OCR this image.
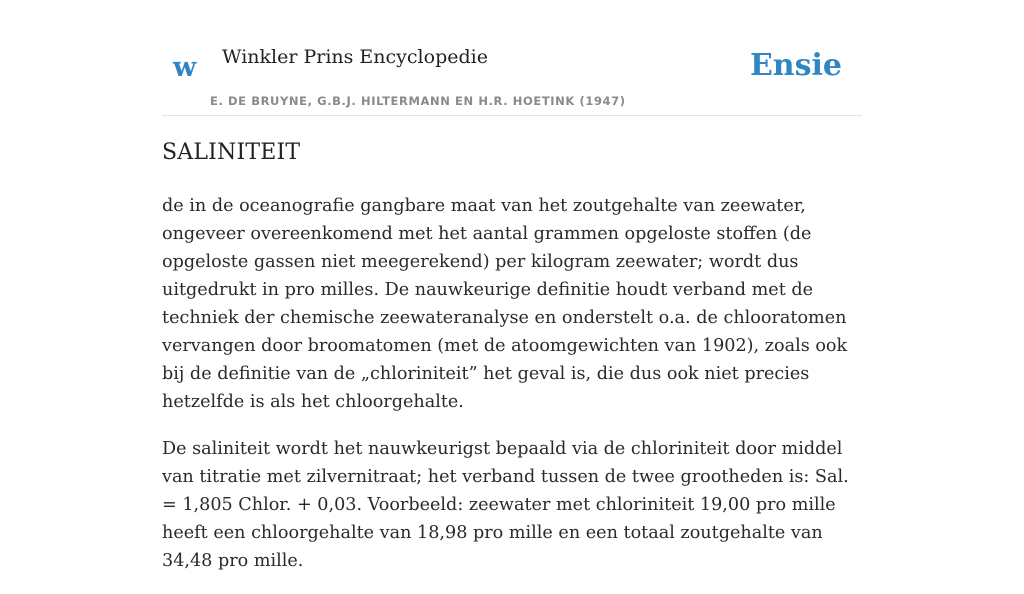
w Winkler Prins Encyclopedie
E. DE BRUYNE, G.B.J. HILTERMANN EN H.R. HOETINK (1947)
Ensie
SALINITEIT

de in de oceanografie gangbare maat van het zoutgehalte van zeewater, ongeveer overeenkomend met het aantal grammen opgeloste stoffen (de opgeloste gassen niet meegerekend) per kilogram zeewater; wordt dus uitgedrukt in pro milles. De nauwkeurige definitie houdt verband met de techniek der chemische zeewateranalyse en onderstelt o.a. de chlooratomen vervangen door broomatomen (met de atoomgewichten van 1902), zoals ook bij de definitie van de „chloriniteit” het geval is, die dus ook niet precies hetzelfde is als het chloorgehalte.

De saliniteit wordt het nauwkeurigst bepaald via de chloriniteit door middel van titratie met zilvernitraat; het verband tussen de twee grootheden is: Sal. = 1,805 Chlor. + 0,03. Voorbeeld: zeewater met chloriniteit 19,00 pro mille heeft een chloorgehalte van 18,98 pro mille en een totaal zoutgehalte van 34,48 pro mille.
